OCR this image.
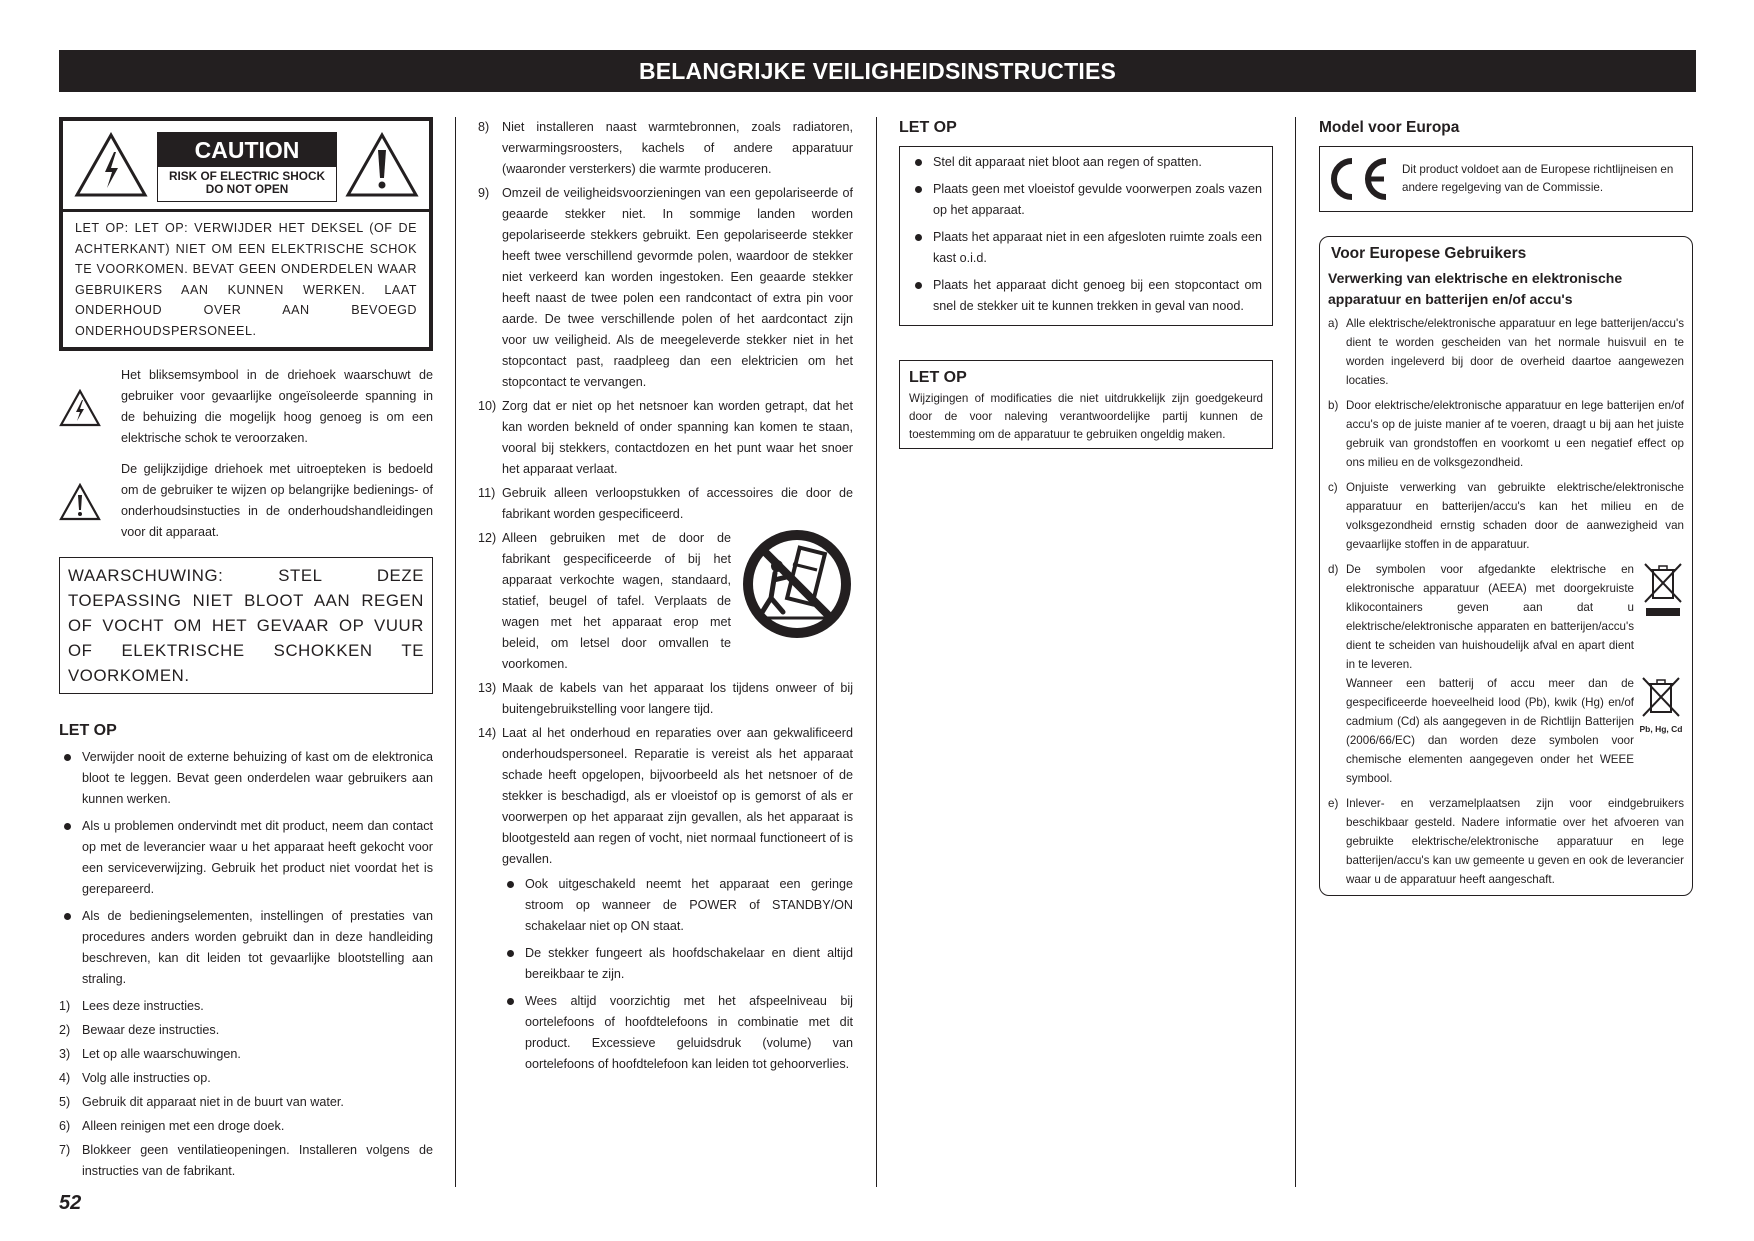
BELANGRIJKE VEILIGHEIDSINSTRUCTIES
CAUTION
RISK OF ELECTRIC SHOCK
DO NOT OPEN
LET OP: LET OP: VERWIJDER HET DEKSEL (OF DE ACHTERKANT) NIET OM EEN ELEKTRISCHE SCHOK TE VOORKOMEN. BEVAT GEEN ONDERDELEN WAAR GEBRUIKERS AAN KUNNEN WERKEN. LAAT ONDERHOUD OVER AAN BEVOEGD ONDERHOUDSPERSONEEL.
Het bliksemsymbool in de driehoek waarschuwt de gebruiker voor gevaarlijke ongeïsoleerde spanning in de behuizing die mogelijk hoog genoeg is om een elektrische schok te veroorzaken.
De gelijkzijdige driehoek met uitroepteken is bedoeld om de gebruiker te wijzen op belangrijke bedienings- of onderhoudsinstucties in de onderhoudshandleidingen voor dit apparaat.
WAARSCHUWING: STEL DEZE TOEPASSING NIET BLOOT AAN REGEN OF VOCHT OM HET GEVAAR OP VUUR OF ELEKTRISCHE SCHOKKEN TE VOORKOMEN.
LET OP
Verwijder nooit de externe behuizing of kast om de elektronica bloot te leggen. Bevat geen onderdelen waar gebruikers aan kunnen werken.
Als u problemen ondervindt met dit product, neem dan contact op met de leverancier waar u het apparaat heeft gekocht voor een serviceverwijzing. Gebruik het product niet voordat het is gerepareerd.
Als de bedieningselementen, instellingen of prestaties van procedures anders worden gebruikt dan in deze handleiding beschreven, kan dit leiden tot gevaarlijke blootstelling aan straling.
1) Lees deze instructies.
2) Bewaar deze instructies.
3) Let op alle waarschuwingen.
4) Volg alle instructies op.
5) Gebruik dit apparaat niet in de buurt van water.
6) Alleen reinigen met een droge doek.
7) Blokkeer geen ventilatieopeningen. Installeren volgens de instructies van de fabrikant.
8) Niet installeren naast warmtebronnen, zoals radiatoren, verwarmingsroosters, kachels of andere apparatuur (waaronder versterkers) die warmte produceren.
9) Omzeil de veiligheidsvoorzieningen van een gepolariseerde of geaarde stekker niet. In sommige landen worden gepolariseerde stekkers gebruikt. Een gepolariseerde stekker heeft twee verschillend gevormde polen, waardoor de stekker niet verkeerd kan worden ingestoken. Een geaarde stekker heeft naast de twee polen een randcontact of extra pin voor aarde. De twee verschillende polen of het aardcontact zijn voor uw veiligheid. Als de meegeleverde stekker niet in het stopcontact past, raadpleeg dan een elektricien om het stopcontact te vervangen.
10) Zorg dat er niet op het netsnoer kan worden getrapt, dat het kan worden bekneld of onder spanning kan komen te staan, vooral bij stekkers, contactdozen en het punt waar het snoer het apparaat verlaat.
11) Gebruik alleen verloopstukken of accessoires die door de fabrikant worden gespecificeerd.
12) Alleen gebruiken met de door de fabrikant gespecificeerde of bij het apparaat verkochte wagen, standaard, statief, beugel of tafel. Verplaats de wagen met het apparaat erop met beleid, om letsel door omvallen te voorkomen.
13) Maak de kabels van het apparaat los tijdens onweer of bij buitengebruikstelling voor langere tijd.
14) Laat al het onderhoud en reparaties over aan gekwalificeerd onderhoudspersoneel. Reparatie is vereist als het apparaat schade heeft opgelopen, bijvoorbeeld als het netsnoer of de stekker is beschadigd, als er vloeistof op is gemorst of als er voorwerpen op het apparaat zijn gevallen, als het apparaat is blootgesteld aan regen of vocht, niet normaal functioneert of is gevallen.
Ook uitgeschakeld neemt het apparaat een geringe stroom op wanneer de POWER of STANDBY/ON schakelaar niet op ON staat.
De stekker fungeert als hoofdschakelaar en dient altijd bereikbaar te zijn.
Wees altijd voorzichtig met het afspeelniveau bij oortelefoons of hoofdtelefoons in combinatie met dit product. Excessieve geluidsdruk (volume) van oortelefoons of hoofdtelefoon kan leiden tot gehoorverlies.
LET OP
Stel dit apparaat niet bloot aan regen of spatten.
Plaats geen met vloeistof gevulde voorwerpen zoals vazen op het apparaat.
Plaats het apparaat niet in een afgesloten ruimte zoals een kast o.i.d.
Plaats het apparaat dicht genoeg bij een stopcontact om snel de stekker uit te kunnen trekken in geval van nood.
LET OP
Wijzigingen of modificaties die niet uitdrukkelijk zijn goedgekeurd door de voor naleving verantwoordelijke partij kunnen de toestemming om de apparatuur te gebruiken ongeldig maken.
Model voor Europa
Dit product voldoet aan de Europese richtlijneisen en andere regelgeving van de Commissie.
Voor Europese Gebruikers
Verwerking van elektrische en elektronische apparatuur en batterijen en/of accu's
a) Alle elektrische/elektronische apparatuur en lege batterijen/accu's dient te worden gescheiden van het normale huisvuil en te worden ingeleverd bij door de overheid daartoe aangewezen locaties.
b) Door elektrische/elektronische apparatuur en lege batterijen en/of accu's op de juiste manier af te voeren, draagt u bij aan het juiste gebruik van grondstoffen en voorkomt u een negatief effect op ons milieu en de volksgezondheid.
c) Onjuiste verwerking van gebruikte elektrische/elektronische apparatuur en batterijen/accu's kan het milieu en de volksgezondheid ernstig schaden door de aanwezigheid van gevaarlijke stoffen in de apparatuur.
d) De symbolen voor afgedankte elektrische en elektronische apparatuur (AEEA) met doorgekruiste klikocontainers geven aan dat u elektrische/elektronische apparaten en batterijen/accu's dient te scheiden van huishoudelijk afval en apart dient in te leveren.
Pb, Hg, Cd
Wanneer een batterij of accu meer dan de gespecificeerde hoeveelheid lood (Pb), kwik (Hg) en/of cadmium (Cd) als aangegeven in de Richtlijn Batterijen (2006/66/EC) dan worden deze symbolen voor chemische elementen aangegeven onder het WEEE symbool.
e) Inlever- en verzamelplaatsen zijn voor eindgebruikers beschikbaar gesteld. Nadere informatie over het afvoeren van gebruikte elektrische/elektronische apparatuur en lege batterijen/accu's kan uw gemeente u geven en ook de leverancier waar u de apparatuur heeft aangeschaft.
52
